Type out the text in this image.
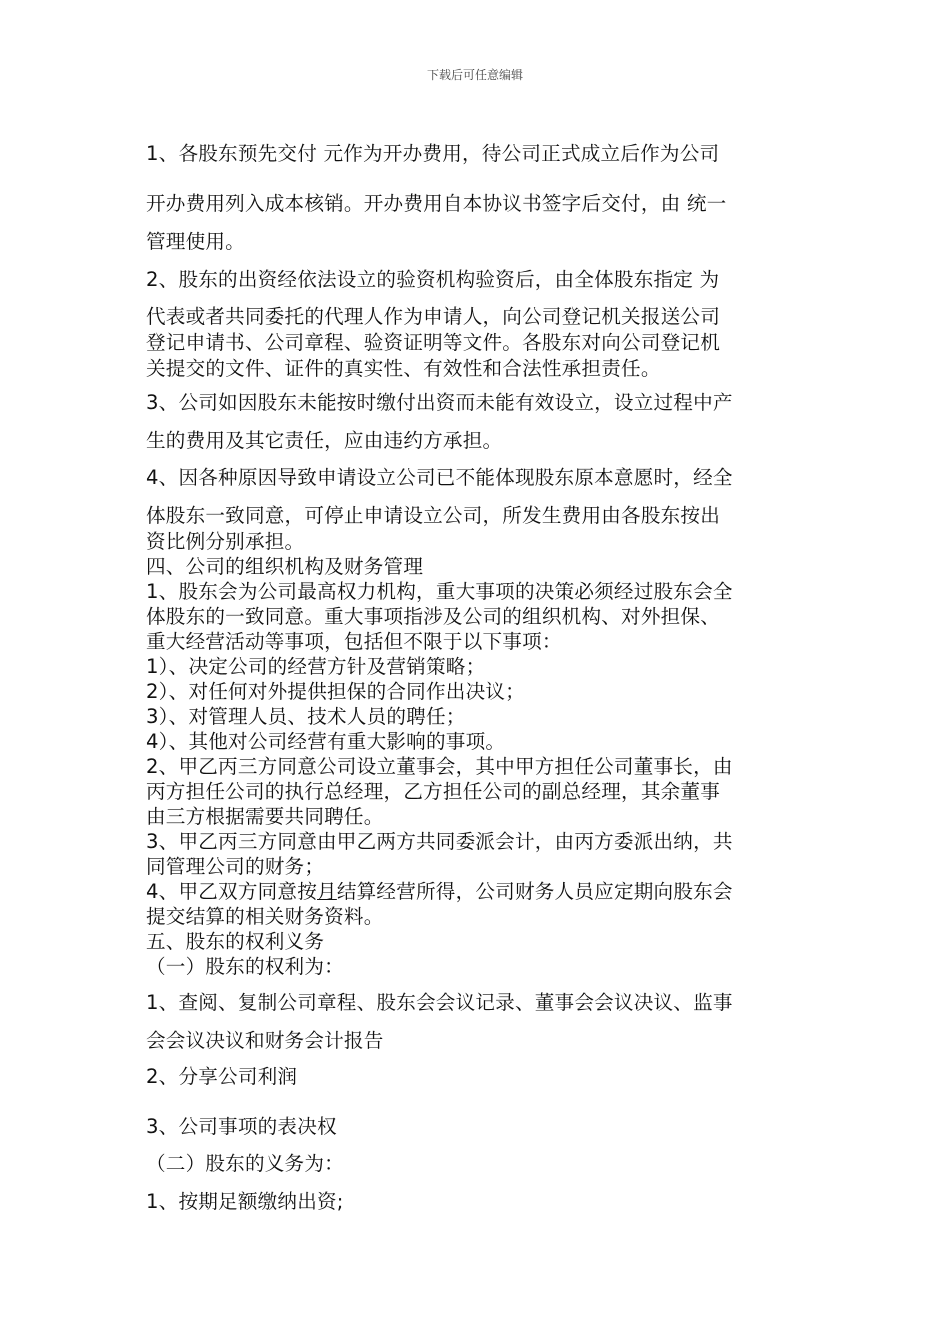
下载后可任意编辑
1、各股东预先交付 元作为开办费用，待公司正式成立后作为公司
开办费用列入成本核销。开办费用自本协议书签字后交付，由 统一
管理使用。
2、股东的出资经依法设立的验资机构验资后，由全体股东指定 为
代表或者共同委托的代理人作为申请人，向公司登记机关报送公司
登记申请书、公司章程、验资证明等文件。各股东对向公司登记机
关提交的文件、证件的真实性、有效性和合法性承担责任。
3、公司如因股东未能按时缴付出资而未能有效设立，设立过程中产
生的费用及其它责任，应由违约方承担。
4、因各种原因导致申请设立公司已不能体现股东原本意愿时，经全
体股东一致同意，可停止申请设立公司，所发生费用由各股东按出
资比例分别承担。
四、公司的组织机构及财务管理
1、股东会为公司最高权力机构，重大事项的决策必须经过股东会全
体股东的一致同意。重大事项指涉及公司的组织机构、对外担保、
重大经营活动等事项，包括但不限于以下事项：
1）、决定公司的经营方针及营销策略；
2）、对任何对外提供担保的合同作出决议；
3）、对管理人员、技术人员的聘任；
4）、其他对公司经营有重大影响的事项。
2、甲乙丙三方同意公司设立董事会，其中甲方担任公司董事长，由
丙方担任公司的执行总经理，乙方担任公司的副总经理，其余董事
由三方根据需要共同聘任。
3、甲乙丙三方同意由甲乙两方共同委派会计，由丙方委派出纳，共
同管理公司的财务；
4、甲乙双方同意按月结算经营所得，公司财务人员应定期向股东会
提交结算的相关财务资料。
五、股东的权利义务
（一）股东的权利为：
1、查阅、复制公司章程、股东会会议记录、董事会会议决议、监事
会会议决议和财务会计报告
2、分享公司利润
3、公司事项的表决权
（二）股东的义务为：
1、按期足额缴纳出资;
